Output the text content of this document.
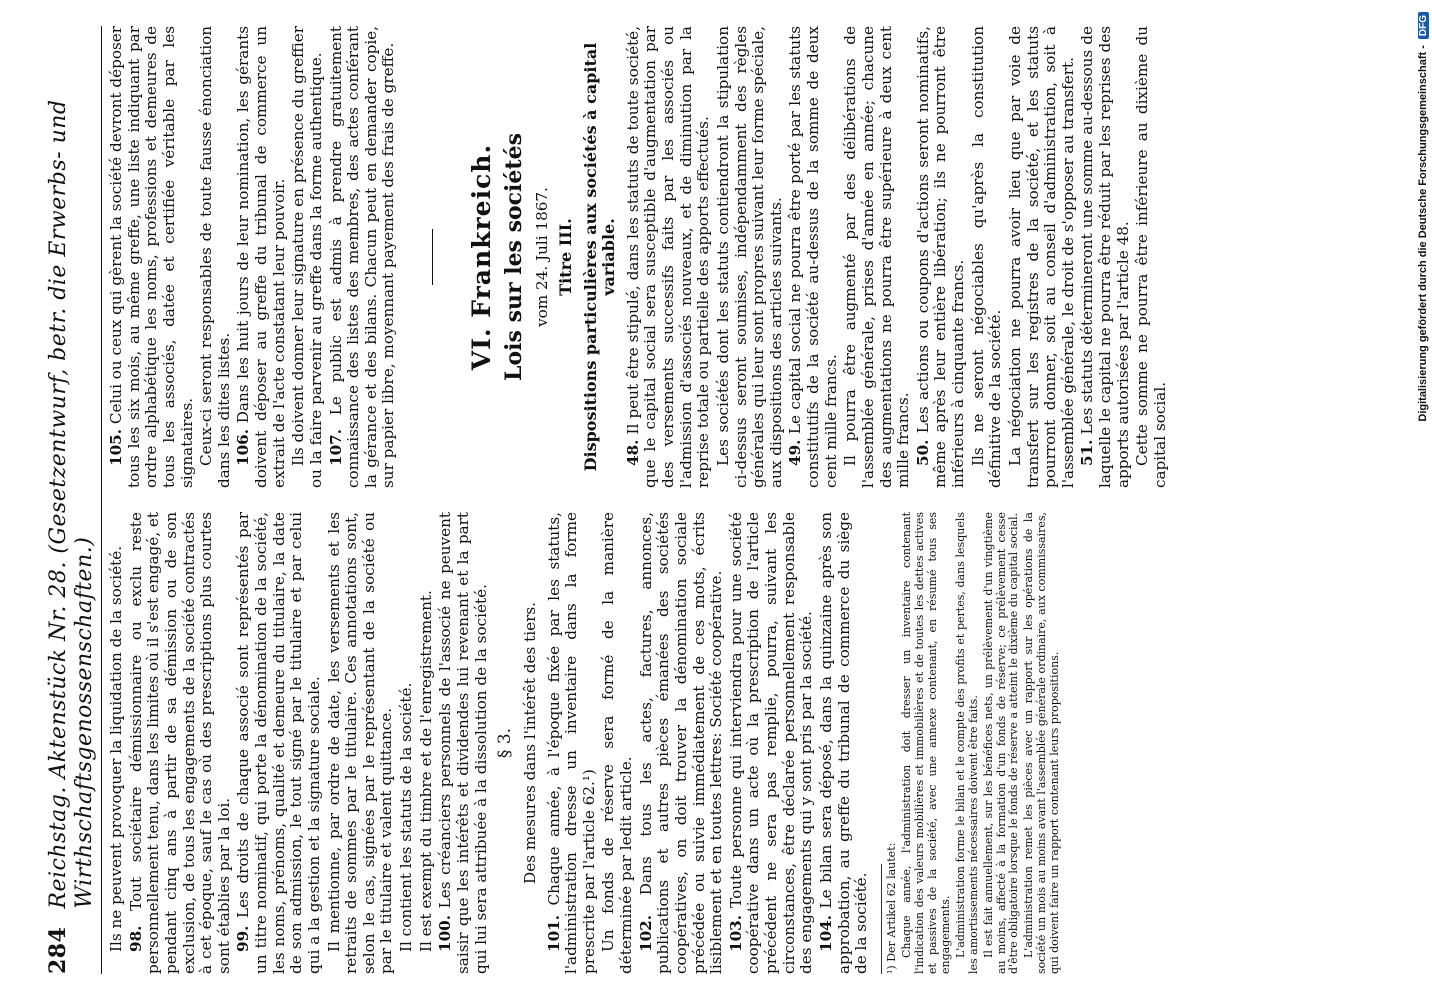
284
Reichstag. Aktenstück Nr. 28. (Gesetzentwurf, betr. die Erwerbs- und Wirthschaftsgenossenschaften.) Ils ne peuvent provoquer la liquidation de la société. 98. Tout sociétaire démissionnaire ou exclu reste personnellement tenu, dans les limites où il s'est engagé, et pendant cinq ans à partir de sa démission ou de son exclusion, de tous les engagements de la société contractés à cet époque, sauf le cas où des prescriptions plus courtes sont établies par la loi. 99. Les droits de chaque associé sont représentés par un titre nominatif, qui porte la dénomination de la société, les noms, prénoms, qualité et demeure du titulaire, la date de son admission, le tout signé par le titulaire et par celui qui a la gestion et la signature sociale. Il mentionne, par ordre de date, les versements et les retraits de sommes par le titulaire. Ces annotations sont, selon le cas, signées par le représentant de la société ou par le titulaire et valent quittance. Il contient les statuts de la société. Il est exempt du timbre et de l'enregistrement. 100. Les créanciers personnels de l'associé ne peuvent saisir que les intérêts et dividendes lui revenant et la part qui lui sera attribuée à la dissolution de la société. § 3. Des mesures dans l'intérêt des tiers.

101. Chaque année, à l'époque fixée par les statuts, l'administration dresse un inventaire dans la forme prescrite par l'article 62.¹) Un fonds de réserve sera formé de la manière déterminée par ledit article. 102. Dans tous les actes, factures, annonces, publications et autres pièces émanées des sociétés coopératives, on doit trouver la dénomination sociale précédée ou suivie immédiatement de ces mots, écrits lisiblement et en toutes lettres: Société coopérative. 103. Toute personne qui interviendra pour une société coopérative dans un acte où la prescription de l'article précédent ne sera pas remplie, pourra, suivant les circonstances, être déclarée personnellement responsable des engagements qui y sont pris par la société. 104. Le bilan sera déposé, dans la quinzaine après son approbation, au greffe du tribunal de commerce du siège de la société. ¹) Der Artikel 62 lautet: Chaque année, l'administration doit dresser un inventaire contenant l'indication des valeurs mobilières et immobilières et de toutes les dettes actives et passives de la société, avec une annexe contenant, en résumé tous ses engagements. L'administration forme le bilan et le compte des profits et pertes, dans lesquels les amortissements nécessaires doivent être faits. Il est fait annuellement, sur les bénéfices nets, un prélèvement d'un vingtième au moins, affecté à la formation d'un fonds de réserve; ce prélèvement cesse d'être obligatoire lorsque le fonds de réserve a atteint le dixième du capital social. L'administration remet les pièces avec un rapport sur les opérations de la société un mois au moins avant l'assemblée générale ordinaire, aux commissaires, qui doivent faire un rapport contenant leurs propositions.

105. Celui ou ceux qui gèrent la société devront déposer tous les six mois, au même greffe, une liste indiquant par ordre alphabétique les noms, professions et demeures de tous les associés, datée et certifiée véritable par les signataires. Ceux-ci seront responsables de toute fausse énonciation dans les dites listes. 106. Dans les huit jours de leur nomination, les gérants doivent déposer au greffe du tribunal de commerce un extrait de l'acte constatant leur pouvoir. Ils doivent donner leur signature en présence du greffier ou la faire parvenir au greffe dans la forme authentique. 107. Le public est admis à prendre gratuitement connaissance des listes des membres, des actes conférant la gérance et des bilans. Chacun peut en demander copie, sur papier libre, moyennant payement des frais de greffe.	VI. Frankreich. Lois sur les sociétés vom 24. Juli 1867. Titre III. Dispositions particulières aux sociétés à capital variable.

48. Il peut être stipulé, dans les statuts de toute société, que le capital social sera susceptible d'augmentation par des versements successifs faits par les associés ou l'admission d'associés nouveaux, et de diminution par la reprise totale ou partielle des apports effectués. Les sociétés dont les statuts contiendront la stipulation ci-dessus seront soumises, indépendamment des règles générales qui leur sont propres suivant leur forme spéciale, aux dispositions des articles suivants. 49. Le capital social ne pourra être porté par les statuts constitutifs de la société au-dessus de la somme de deux cent mille francs. Il pourra être augmenté par des délibérations de l'assemblée générale, prises d'année en année; chacune des augmentations ne pourra être supérieure à deux cent mille francs. 50. Les actions ou coupons d'actions seront nominatifs, même après leur entière libération; ils ne pourront être inférieurs à cinquante francs. Ils ne seront négociables qu'après la constitution définitive de la société. La négociation ne pourra avoir lieu que par voie de transfert sur les registres de la société, et les statuts pourront donner, soit au conseil d'administration, soit à l'assemblée générale, le droit de s'opposer au transfert. 51. Les statuts détermineront une somme au-dessous de laquelle le capital ne pourra être réduit par les reprises des apports autorisées par l'article 48. Cette somme ne pourra être inférieure au dixième du capital social.

Digitalisierung gefördert durch die Deutsche Forschungsgemeinschaft -
DFG
